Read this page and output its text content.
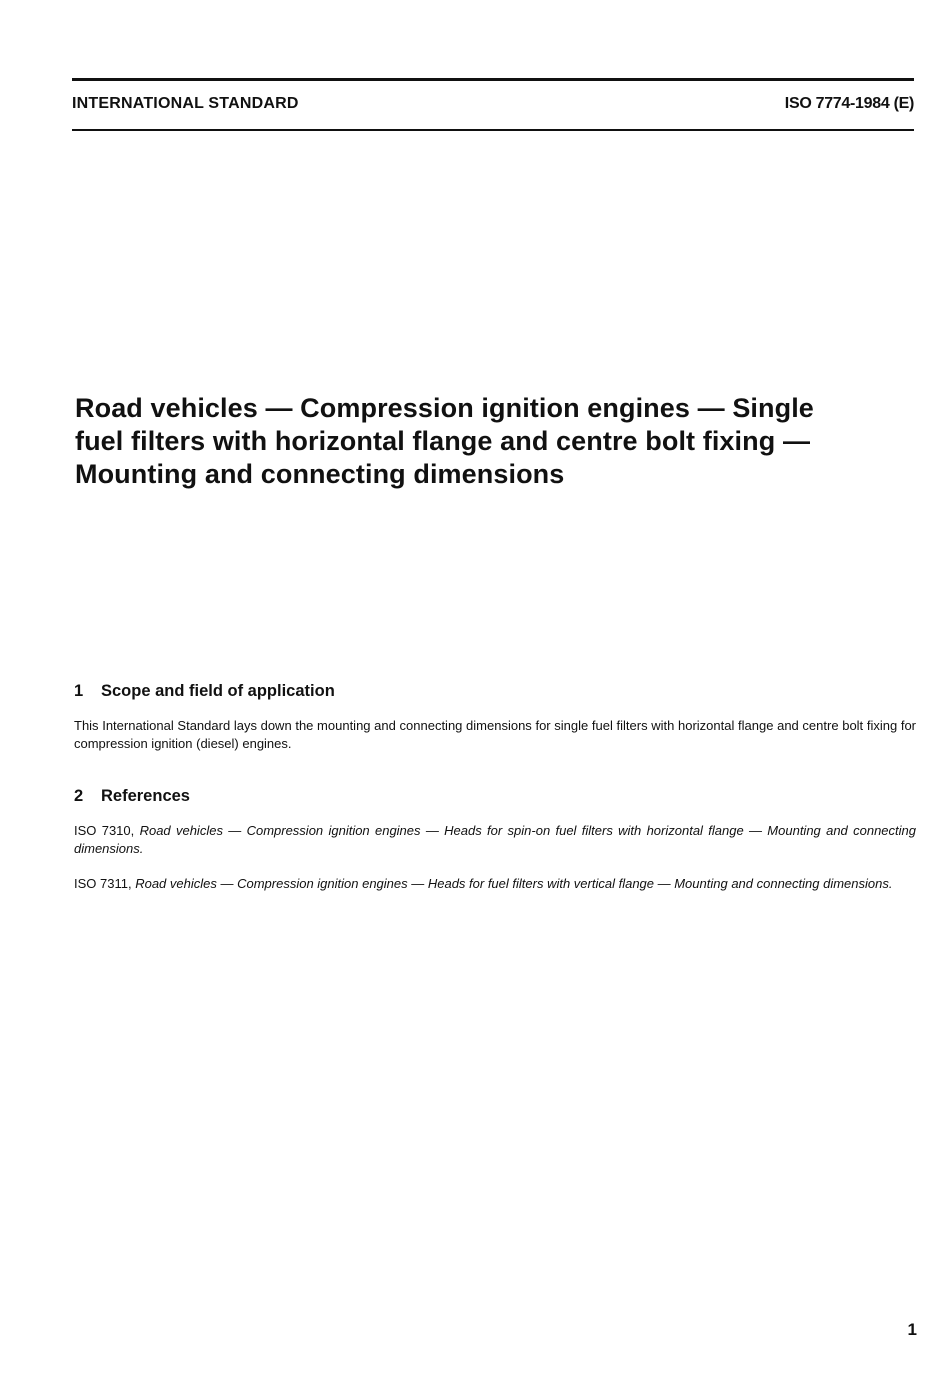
INTERNATIONAL STANDARD	ISO 7774-1984 (E)
Road vehicles — Compression ignition engines — Single
fuel filters with horizontal flange and centre bolt fixing —
Mounting and connecting dimensions
1 Scope and field of application

This International Standard lays down the mounting and connecting dimensions for single fuel filters with horizontal flange and centre bolt fixing for compression ignition (diesel) engines.

2 References

ISO 7310, Road vehicles — Compression ignition engines — Heads for spin-on fuel filters with horizontal flange — Mounting and connecting dimensions.

ISO 7311, Road vehicles — Compression ignition engines — Heads for fuel filters with vertical flange — Mounting and connecting dimensions.

1
